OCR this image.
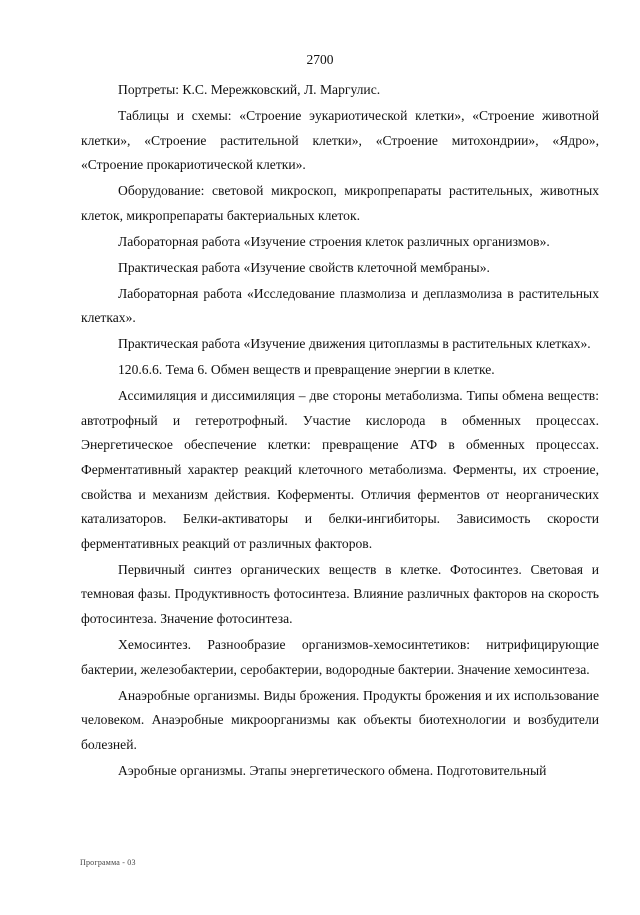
2700

Портреты: К.С. Мережковский, Л. Маргулис.

Таблицы и схемы: «Строение эукариотической клетки», «Строение животной клетки», «Строение растительной клетки», «Строение митохондрии», «Ядро», «Строение прокариотической клетки».

Оборудование: световой микроскоп, микропрепараты растительных, животных клеток, микропрепараты бактериальных клеток.

Лабораторная работа «Изучение строения клеток различных организмов».

Практическая работа «Изучение свойств клеточной мембраны».

Лабораторная работа «Исследование плазмолиза и деплазмолиза в растительных клетках».

Практическая работа «Изучение движения цитоплазмы в растительных клетках».

120.6.6. Тема 6. Обмен веществ и превращение энергии в клетке.

Ассимиляция и диссимиляция – две стороны метаболизма. Типы обмена веществ: автотрофный и гетеротрофный. Участие кислорода в обменных процессах. Энергетическое обеспечение клетки: превращение АТФ в обменных процессах. Ферментативный характер реакций клеточного метаболизма. Ферменты, их строение, свойства и механизм действия. Коферменты. Отличия ферментов от неорганических катализаторов. Белки-активаторы и белки-ингибиторы. Зависимость скорости ферментативных реакций от различных факторов.

Первичный синтез органических веществ в клетке. Фотосинтез. Световая и темновая фазы. Продуктивность фотосинтеза. Влияние различных факторов на скорость фотосинтеза. Значение фотосинтеза.

Хемосинтез. Разнообразие организмов-хемосинтетиков: нитрифицирующие бактерии, железобактерии, серобактерии, водородные бактерии. Значение хемосинтеза.

Анаэробные организмы. Виды брожения. Продукты брожения и их использование человеком. Анаэробные микроорганизмы как объекты биотехнологии и возбудители болезней.

Аэробные организмы. Этапы энергетического обмена. Подготовительный

Программа - 03
